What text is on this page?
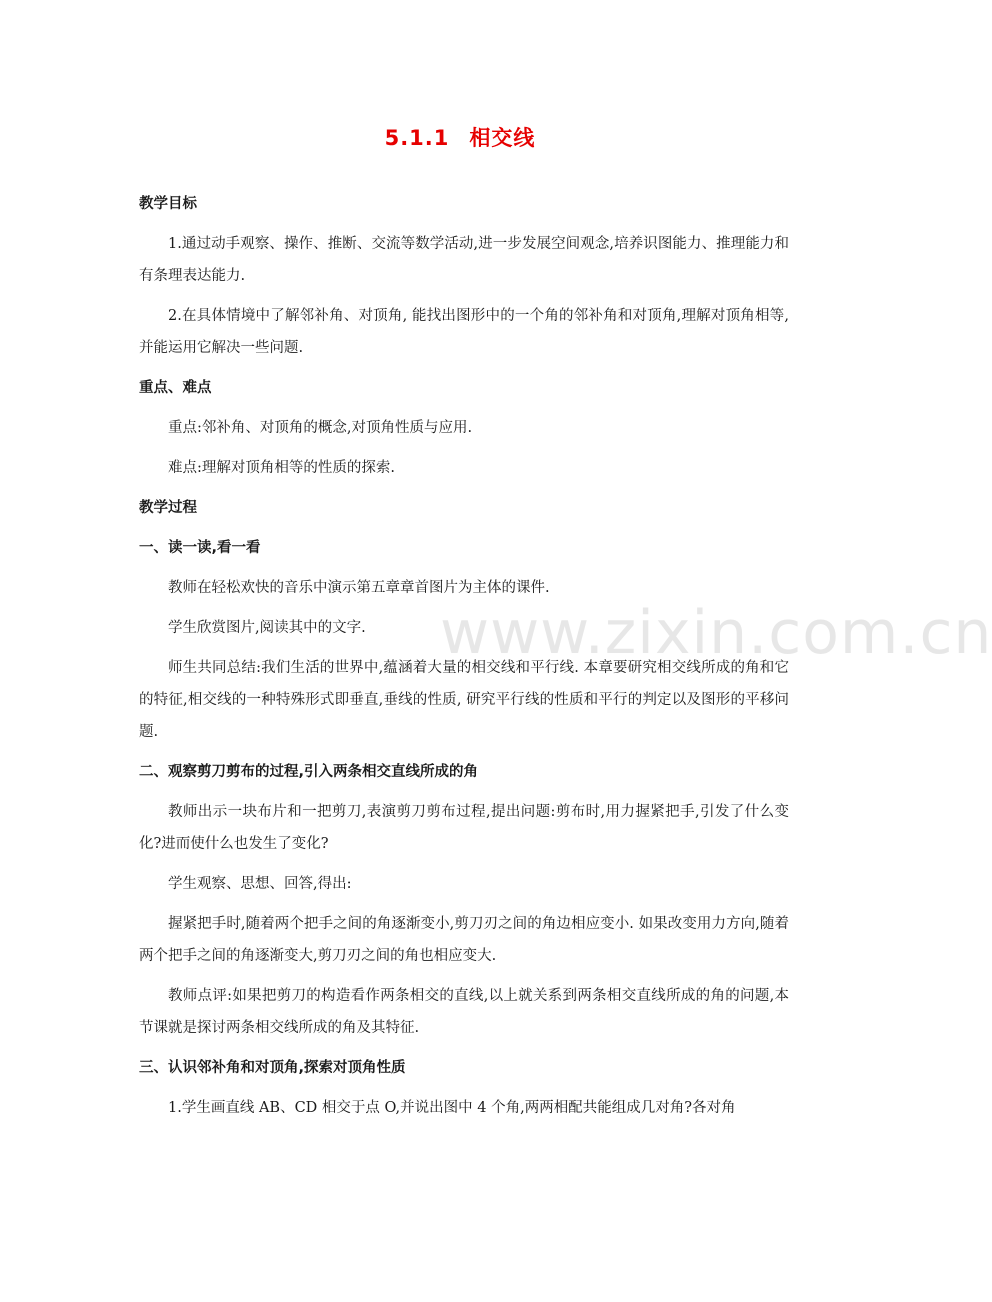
5.1.1 相交线
教学目标

1.通过动手观察、操作、推断、交流等数学活动,进一步发展空间观念,培养识图能力、推理能力和有条理表达能力.

2.在具体情境中了解邻补角、对顶角, 能找出图形中的一个角的邻补角和对顶角,理解对顶角相等,并能运用它解决一些问题.

重点、难点

重点:邻补角、对顶角的概念,对顶角性质与应用.

难点:理解对顶角相等的性质的探索.

教学过程
一、读一读,看一看

教师在轻松欢快的音乐中演示第五章章首图片为主体的课件.

学生欣赏图片,阅读其中的文字.

师生共同总结:我们生活的世界中,蕴涵着大量的相交线和平行线. 本章要研究相交线所成的角和它的特征,相交线的一种特殊形式即垂直,垂线的性质, 研究平行线的性质和平行的判定以及图形的平移问题.

二、观察剪刀剪布的过程,引入两条相交直线所成的角

教师出示一块布片和一把剪刀,表演剪刀剪布过程,提出问题:剪布时,用力握紧把手,引发了什么变化?进而使什么也发生了变化?

学生观察、思想、回答,得出:

握紧把手时,随着两个把手之间的角逐渐变小,剪刀刃之间的角边相应变小. 如果改变用力方向,随着两个把手之间的角逐渐变大,剪刀刃之间的角也相应变大.

教师点评:如果把剪刀的构造看作两条相交的直线,以上就关系到两条相交直线所成的角的问题,本节课就是探讨两条相交线所成的角及其特征.

三、认识邻补角和对顶角,探索对顶角性质

1.学生画直线 AB、CD 相交于点 O,并说出图中 4 个角,两两相配共能组成几对角?各对角

www.zixin.com.cn
